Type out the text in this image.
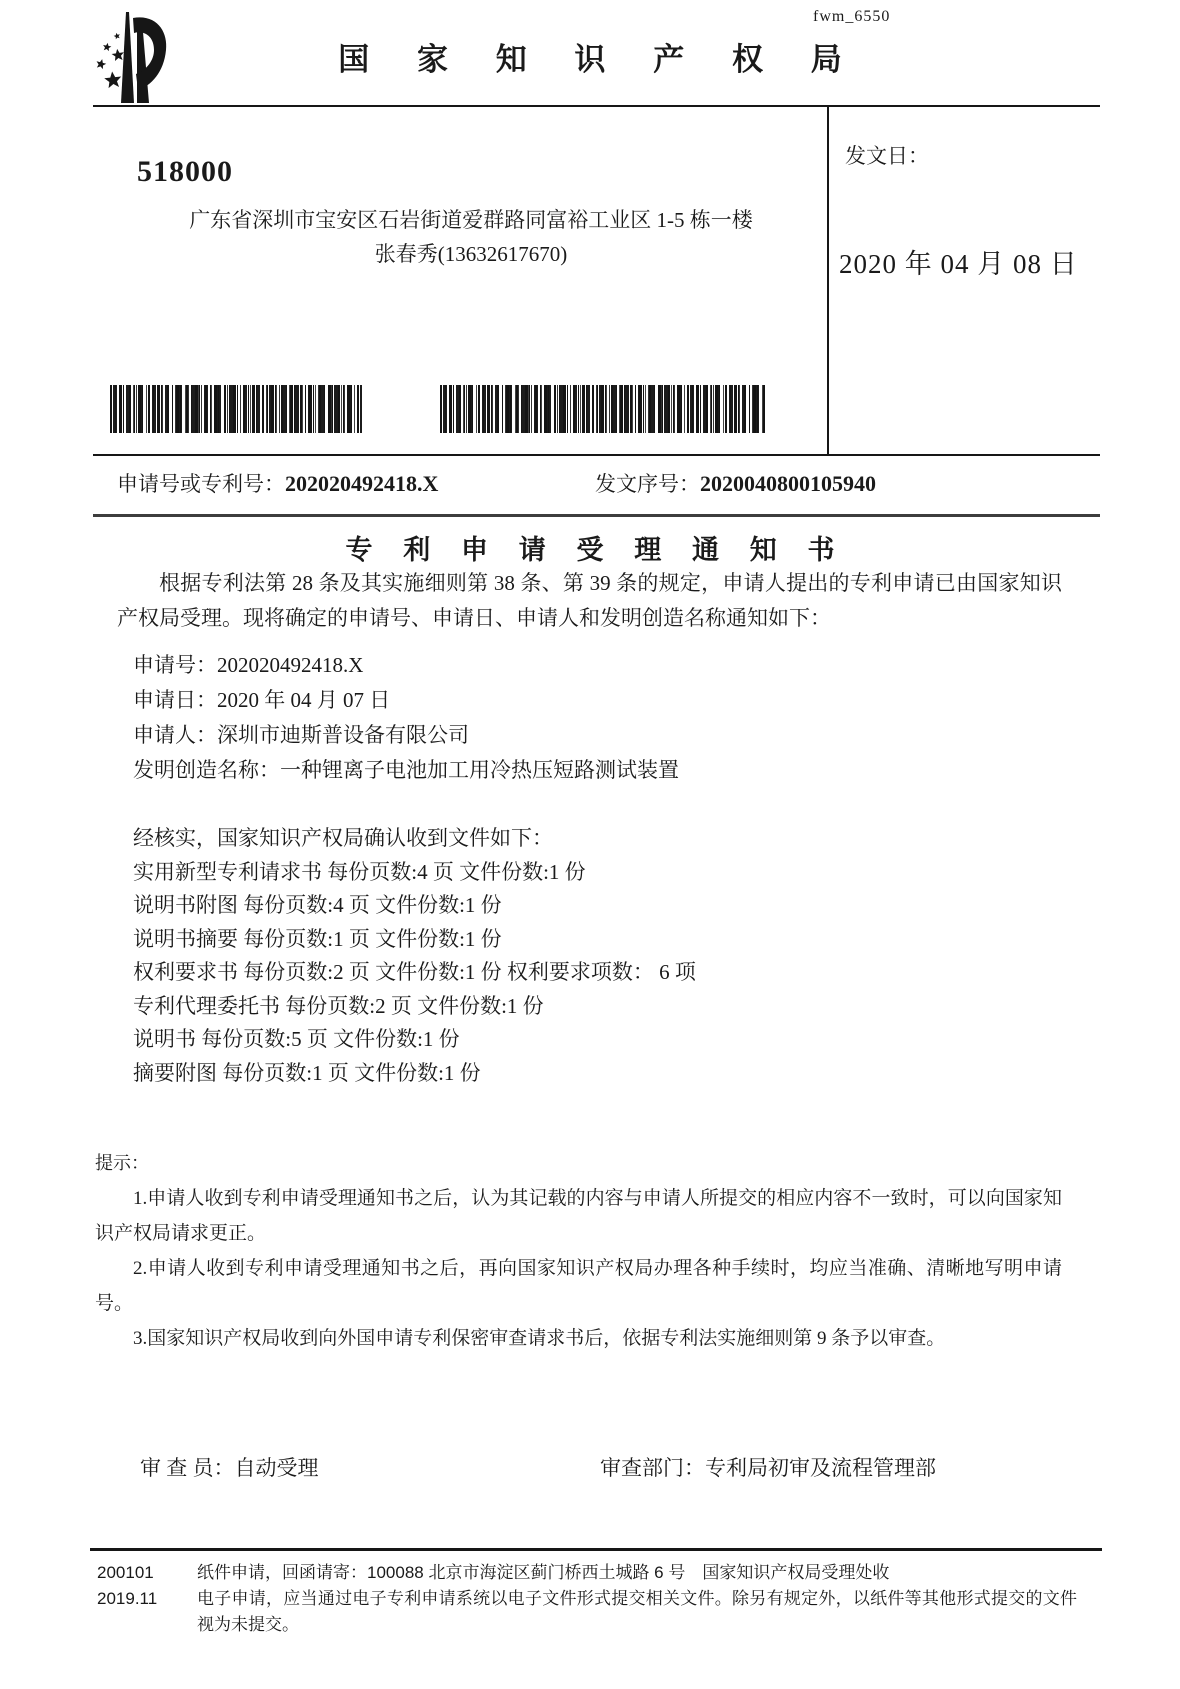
fwm_6550
国 家 知 识 产 权 局
518000
广东省深圳市宝安区石岩街道爱群路同富裕工业区 1-5 栋一楼
张春秀(13632617670)
发文日：
2020 年 04 月 08 日
申请号或专利号：202020492418.X	发文序号：2020040800105940
专 利 申 请 受 理 通 知 书

根据专利法第 28 条及其实施细则第 38 条、第 39 条的规定，申请人提出的专利申请已由国家知识产权局受理。现将确定的申请号、申请日、申请人和发明创造名称通知如下：

申请号：202020492418.X
申请日：2020 年 04 月 07 日
申请人：深圳市迪斯普设备有限公司
发明创造名称：一种锂离子电池加工用冷热压短路测试装置
经核实，国家知识产权局确认收到文件如下：
实用新型专利请求书 每份页数:4 页 文件份数:1 份
说明书附图 每份页数:4 页 文件份数:1 份
说明书摘要 每份页数:1 页 文件份数:1 份
权利要求书 每份页数:2 页 文件份数:1 份 权利要求项数： 6 项
专利代理委托书 每份页数:2 页 文件份数:1 份
说明书 每份页数:5 页 文件份数:1 份
摘要附图 每份页数:1 页 文件份数:1 份

提示：

1.申请人收到专利申请受理通知书之后，认为其记载的内容与申请人所提交的相应内容不一致时，可以向国家知识产权局请求更正。

2.申请人收到专利申请受理通知书之后，再向国家知识产权局办理各种手续时，均应当准确、清晰地写明申请号。

3.国家知识产权局收到向外国申请专利保密审查请求书后，依据专利法实施细则第 9 条予以审查。

审 查 员：自动受理	审查部门：专利局初审及流程管理部
200101	纸件申请，回函请寄：100088 北京市海淀区蓟门桥西土城路 6 号　国家知识产权局受理处收
2019.11	电子申请，应当通过电子专利申请系统以电子文件形式提交相关文件。除另有规定外，以纸件等其他形式提交的文件视为未提交。
